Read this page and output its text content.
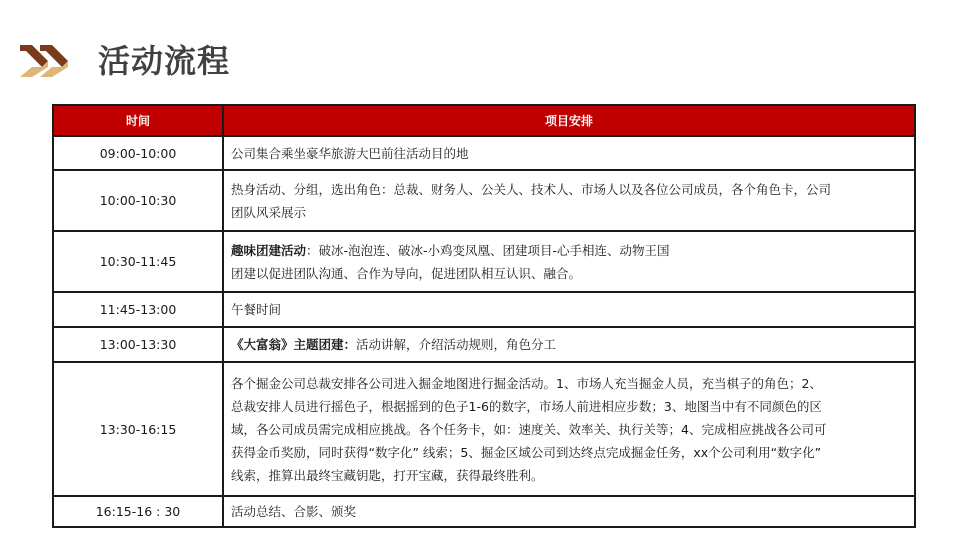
活动流程
时间	项目安排
09:00-10:00	公司集合乘坐豪华旅游大巴前往活动目的地

10:00-10:30	热身活动、分组，选出角色：总裁、财务人、公关人、技术人、市场人以及各位公司成员，各个角色卡，公司
团队风采展示

10:30-11:45	趣味团建活动：破冰-泡泡连、破冰-小鸡变凤凰、团建项目-心手相连、动物王国
团建以促进团队沟通、合作为导向，促进团队相互认识、融合。

11:45-13:00	午餐时间

13:00-13:30	《大富翁》主题团建：活动讲解，介绍活动规则，角色分工

13:30-16:15	各个掘金公司总裁安排各公司进入掘金地图进行掘金活动。1、市场人充当掘金人员，充当棋子的角色；2、
总裁安排人员进行摇色子，根据摇到的色子1-6的数字，市场人前进相应步数；3、地图当中有不同颜色的区
域，各公司成员需完成相应挑战。各个任务卡，如：速度关、效率关、执行关等；4、完成相应挑战各公司可
获得金币奖励，同时获得“数字化” 线索；5、掘金区域公司到达终点完成掘金任务，xx个公司利用“数字化”
线索，推算出最终宝藏钥匙，打开宝藏，获得最终胜利。

16:15-16 : 30	活动总结、合影、颁奖
